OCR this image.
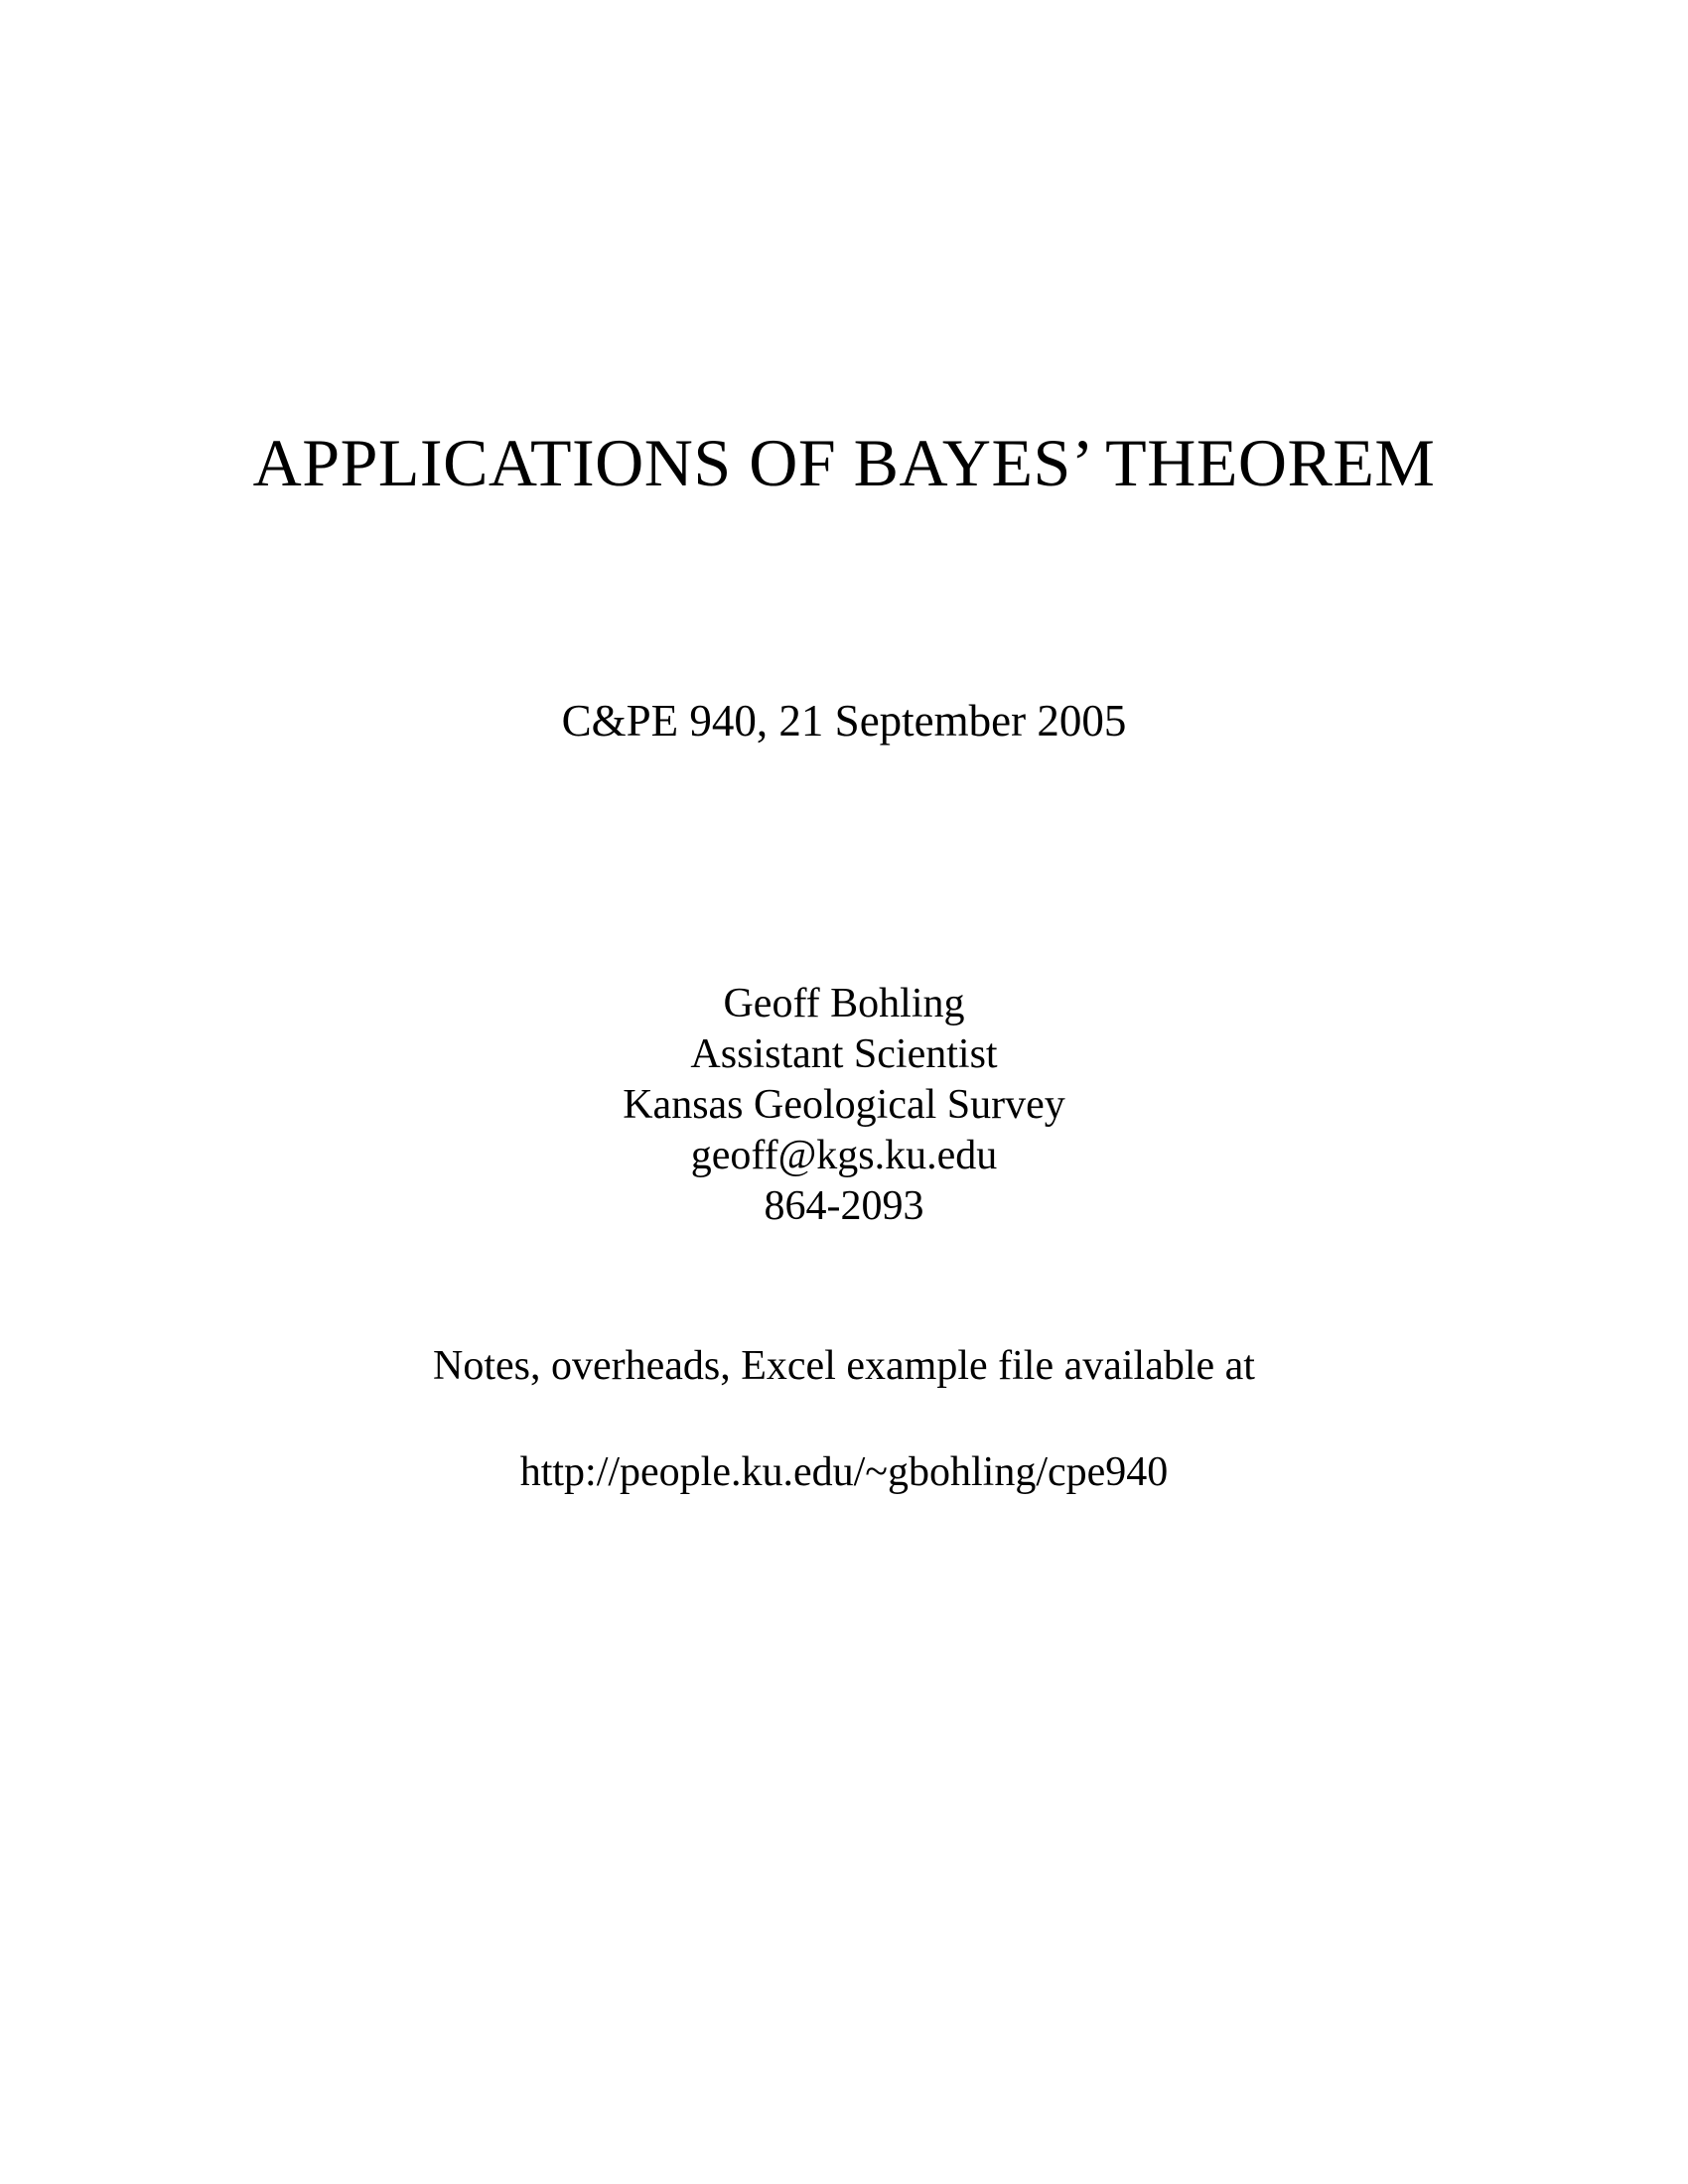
APPLICATIONS OF BAYES’ THEOREM
C&PE 940, 21 September 2005
Geoff Bohling
Assistant Scientist
Kansas Geological Survey
geoff@kgs.ku.edu
864-2093
Notes, overheads, Excel example file available at
http://people.ku.edu/~gbohling/cpe940
